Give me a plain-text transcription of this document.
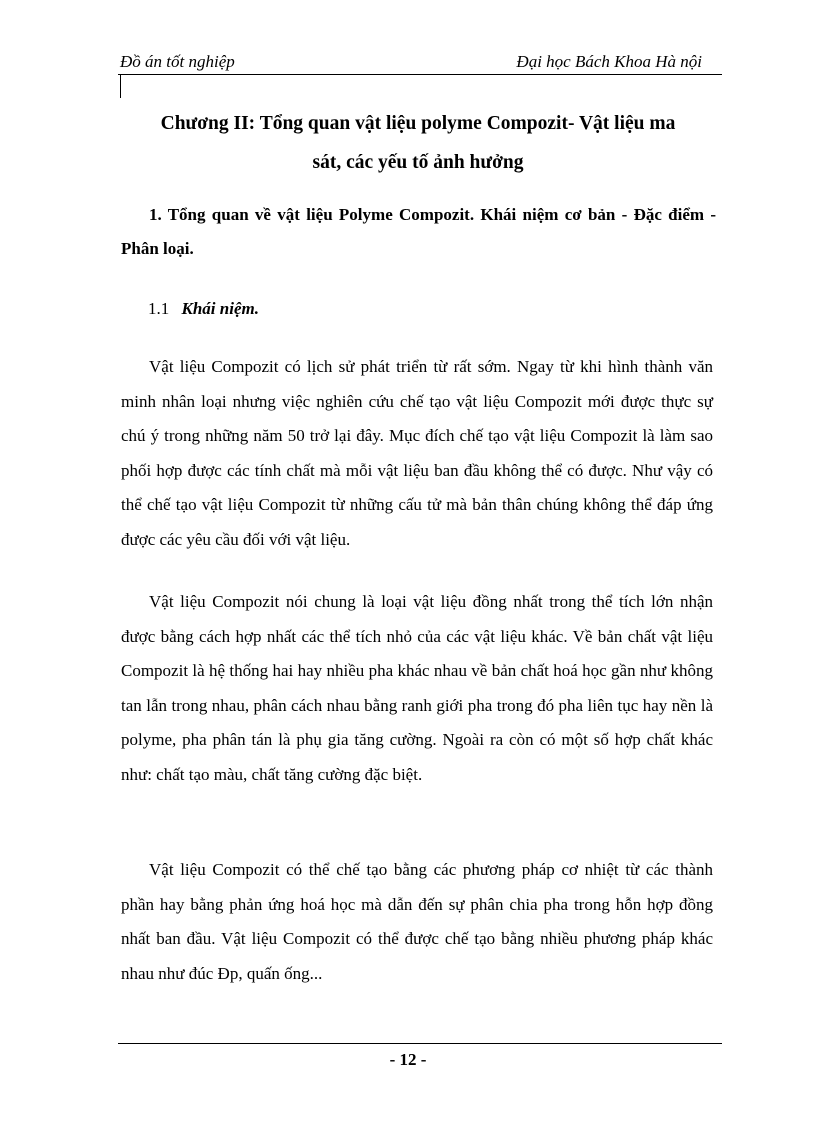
Đồ án tốt nghiệp	Đại học Bách Khoa Hà nội
Chương II: Tổng quan vật liệu polyme Compozit- Vật liệu ma
sát, các yếu tố ảnh hưởng
1. Tổng quan về vật liệu Polyme Compozit. Khái niệm cơ bản - Đặc điểm - Phân loại.
1.1 Khái niệm.

Vật liệu Compozit có lịch sử phát triển từ rất sớm. Ngay từ khi hình thành văn minh nhân loại nhưng việc nghiên cứu chế tạo vật liệu Compozit mới được thực sự chú ý trong những năm 50 trở lại đây. Mục đích chế tạo vật liệu Compozit là làm sao phối hợp được các tính chất mà mỗi vật liệu ban đầu không thể có được. Như vậy có thể chế tạo vật liệu Compozit từ những cấu tử mà bản thân chúng không thể đáp ứng được các yêu cầu đối với vật liệu.

Vật liệu Compozit nói chung là loại vật liệu đồng nhất trong thể tích lớn nhận được bằng cách hợp nhất các thể tích nhỏ của các vật liệu khác. Về bản chất vật liệu Compozit là hệ thống hai hay nhiều pha khác nhau về bản chất hoá học gần như không tan lẫn trong nhau, phân cách nhau bằng ranh giới pha trong đó pha liên tục hay nền là polyme, pha phân tán là phụ gia tăng cường. Ngoài ra còn có một số hợp chất khác như: chất tạo màu, chất tăng cường đặc biệt.

Vật liệu Compozit có thể chế tạo bằng các phương pháp cơ nhiệt từ các thành phần hay bằng phản ứng hoá học mà dẫn đến sự phân chia pha trong hỗn hợp đồng nhất ban đầu. Vật liệu Compozit có thể được chế tạo bằng nhiều phương pháp khác nhau như đúc Đp, quấn ống...

- 12 -
